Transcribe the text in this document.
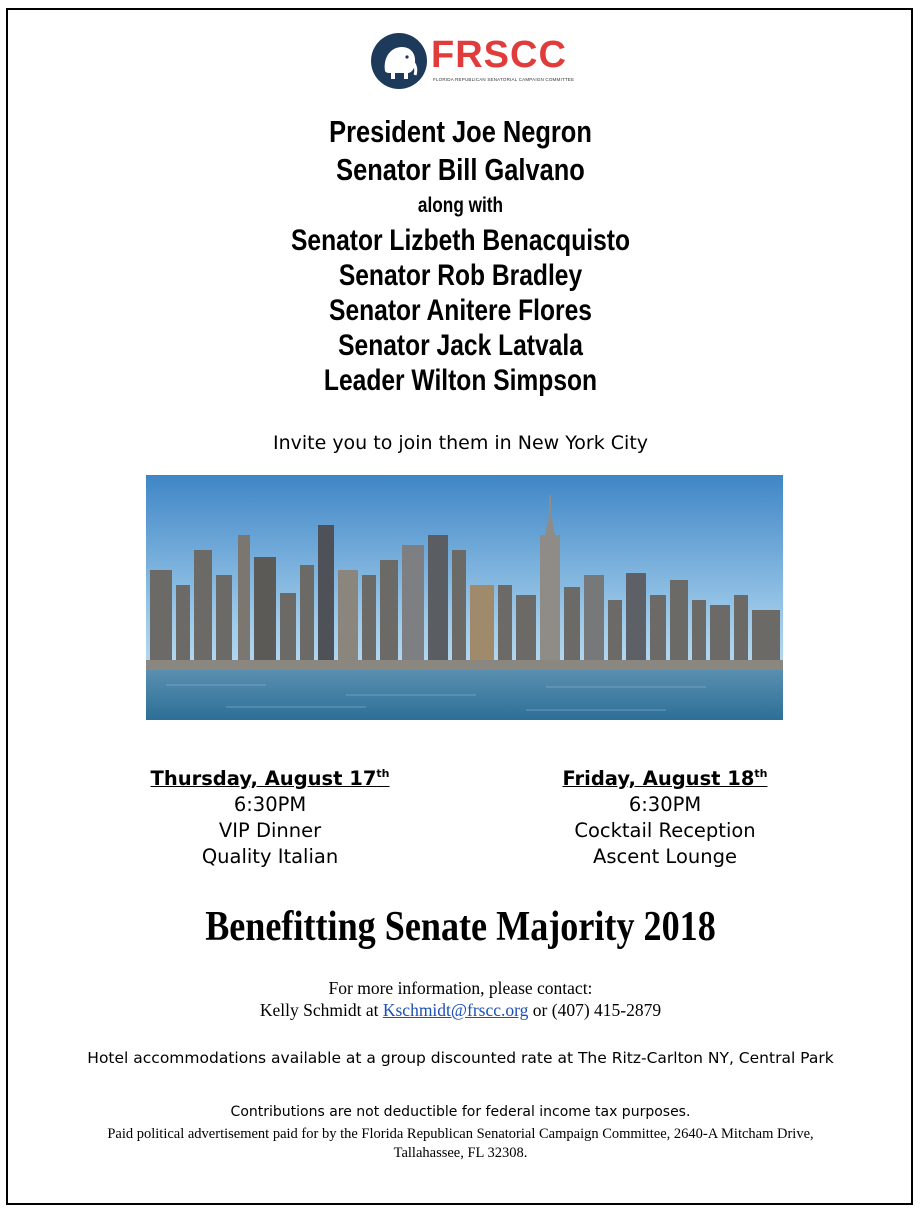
FRSCC
FLORIDA REPUBLICAN SENATORIAL CAMPAIGN COMMITTEE
President Joe Negron
Senator Bill Galvano
along with
Senator Lizbeth Benacquisto
Senator Rob Bradley
Senator Anitere Flores
Senator Jack Latvala
Leader Wilton Simpson
Invite you to join them in New York City
Thursday, August 17th
6:30PM
VIP Dinner
Quality Italian
Friday, August 18th
6:30PM
Cocktail Reception
Ascent Lounge
Benefitting Senate Majority 2018
For more information, please contact:
Kelly Schmidt at Kschmidt@frscc.org or (407) 415-2879
Hotel accommodations available at a group discounted rate at The Ritz-Carlton NY, Central Park
Contributions are not deductible for federal income tax purposes.
Paid political advertisement paid for by the Florida Republican Senatorial Campaign Committee, 2640-A Mitcham Drive,
Tallahassee, FL 32308.
